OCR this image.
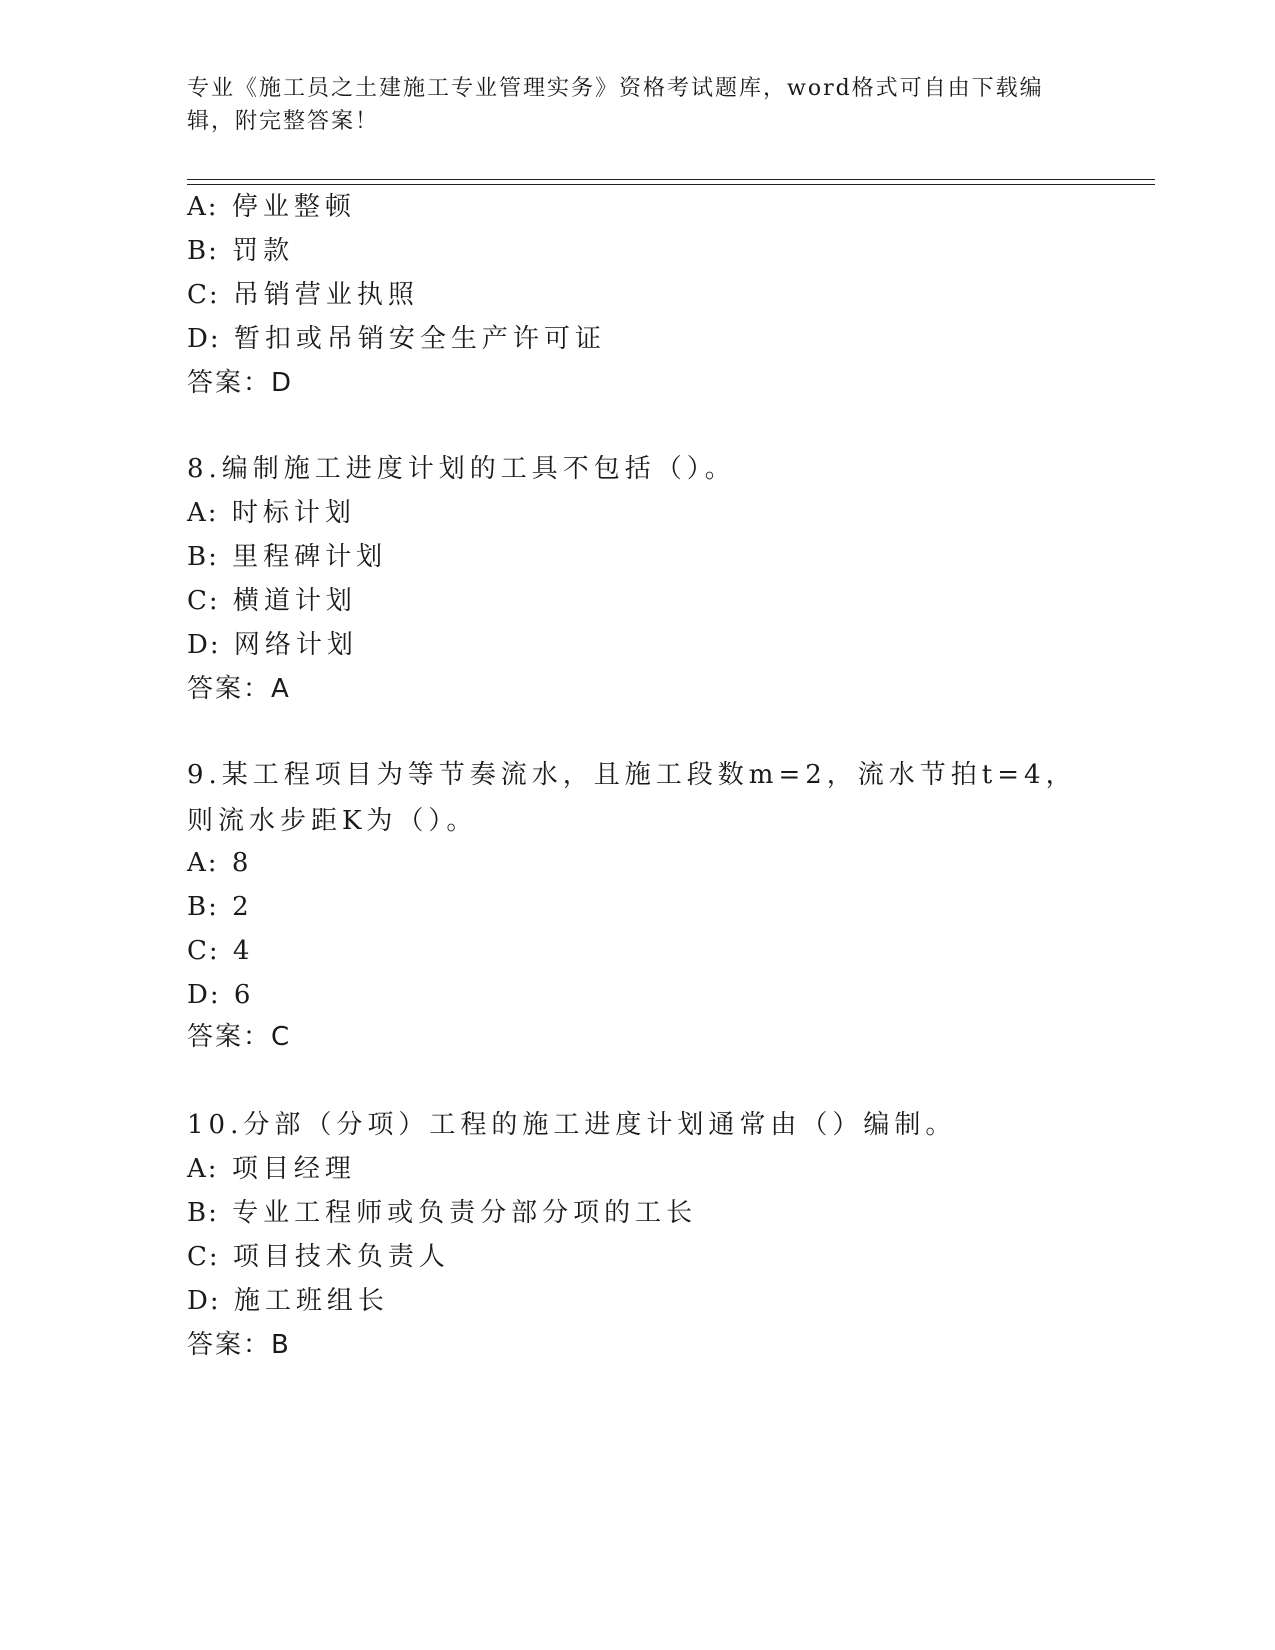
专业《施工员之土建施工专业管理实务》资格考试题库，word格式可自由下载编辑，附完整答案！
A: 停业整顿
B: 罚款
C: 吊销营业执照
D: 暂扣或吊销安全生产许可证
答案：D
8.编制施工进度计划的工具不包括（）。
A: 时标计划
B: 里程碑计划
C: 横道计划
D: 网络计划
答案：A
9.某工程项目为等节奏流水，且施工段数m=2，流水节拍t=4，则流水步距K为（）。
A: 8
B: 2
C: 4
D: 6
答案：C
10.分部（分项）工程的施工进度计划通常由（）编制。
A: 项目经理
B: 专业工程师或负责分部分项的工长
C: 项目技术负责人
D: 施工班组长
答案：B
